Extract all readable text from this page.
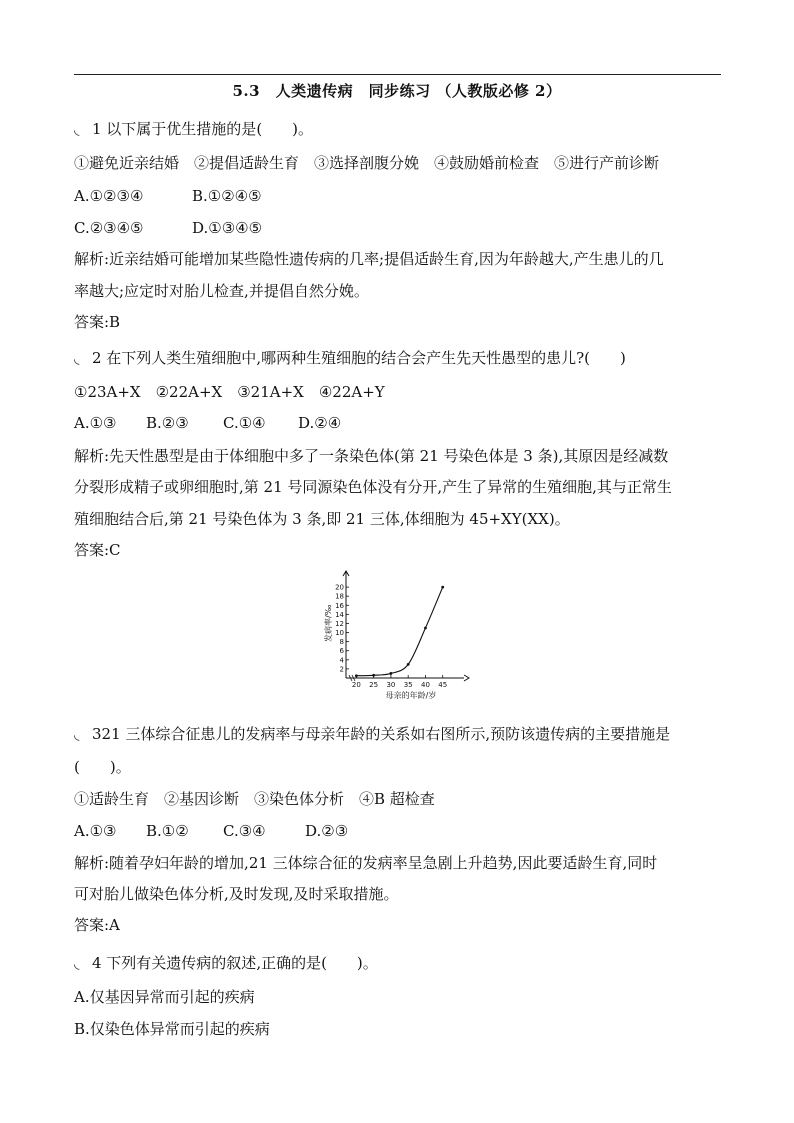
5.3　人类遗传病　同步练习 （人教版必修 2）
◟ 1 以下属于优生措施的是(　　)。
①避免近亲结婚　②提倡适龄生育　③选择剖腹分娩　④鼓励婚前检查　⑤进行产前诊断
A.①②③④	B.①②④⑤
C.②③④⑤	D.①③④⑤
解析:近亲结婚可能增加某些隐性遗传病的几率;提倡适龄生育,因为年龄越大,产生患儿的几
率越大;应定时对胎儿检查,并提倡自然分娩。
答案:B
◟ 2 在下列人类生殖细胞中,哪两种生殖细胞的结合会产生先天性愚型的患儿?(　　)
①23A+X　②22A+X　③21A+X　④22A+Y
A.①③ B.②③ C.①④ D.②④
解析:先天性愚型是由于体细胞中多了一条染色体(第 21 号染色体是 3 条),其原因是经减数
分裂形成精子或卵细胞时,第 21 号同源染色体没有分开,产生了异常的生殖细胞,其与正常生
殖细胞结合后,第 21 号染色体为 3 条,即 21 三体,体细胞为 45+XY(XX)。
答案:C
2
4
6
8
10
12
14
16
18
20
20 25 30 35 40 45
发病率/‰
母亲的年龄/岁
◟ 321 三体综合征患儿的发病率与母亲年龄的关系如右图所示,预防该遗传病的主要措施是
(　　)。
①适龄生育　②基因诊断　③染色体分析　④B 超检查
A.①③ B.①② C.③④	D.②③
解析:随着孕妇年龄的增加,21 三体综合征的发病率呈急剧上升趋势,因此要适龄生育,同时
可对胎儿做染色体分析,及时发现,及时采取措施。
答案:A
◟ 4 下列有关遗传病的叙述,正确的是(　　)。
A.仅基因异常而引起的疾病
B.仅染色体异常而引起的疾病
